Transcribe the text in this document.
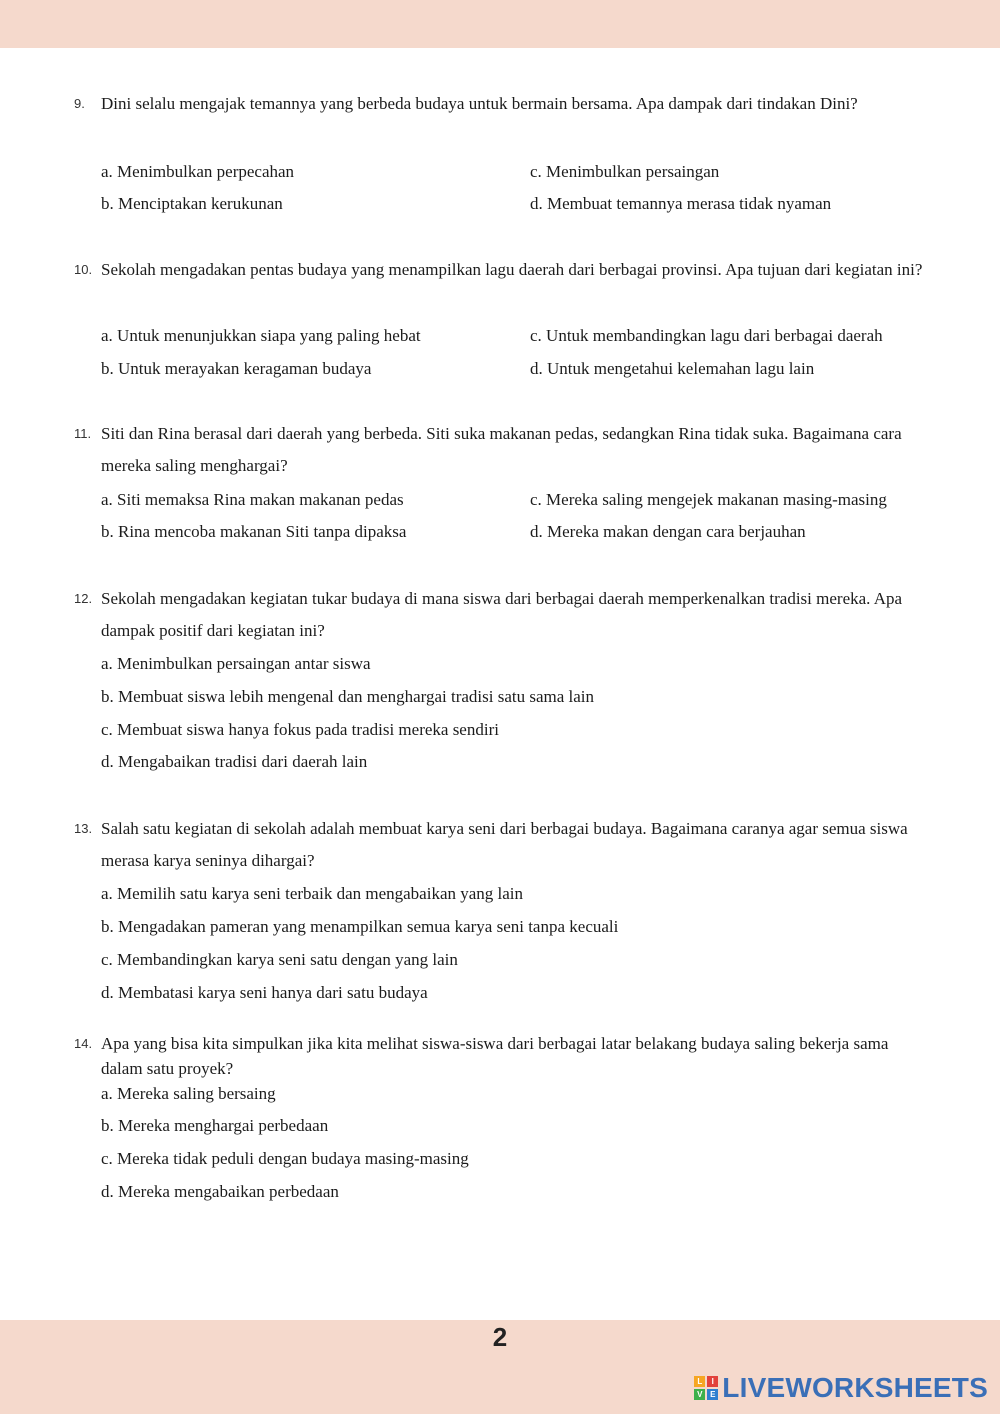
9. Dini selalu mengajak temannya yang berbeda budaya untuk bermain bersama. Apa dampak dari tindakan Dini?
a. Menimbulkan perpecahan	c. Menimbulkan persaingan
b. Menciptakan kerukunan	d. Membuat temannya merasa tidak nyaman
10. Sekolah mengadakan pentas budaya yang menampilkan lagu daerah dari berbagai provinsi. Apa tujuan dari kegiatan ini?
a. Untuk menunjukkan siapa yang paling hebat	c. Untuk membandingkan lagu dari berbagai daerah
b. Untuk merayakan keragaman budaya	d. Untuk mengetahui kelemahan lagu lain
11. Siti dan Rina berasal dari daerah yang berbeda. Siti suka makanan pedas, sedangkan Rina tidak suka. Bagaimana cara mereka saling menghargai?
a. Siti memaksa Rina makan makanan pedas	c. Mereka saling mengejek makanan masing-masing
b. Rina mencoba makanan Siti tanpa dipaksa	d. Mereka makan dengan cara berjauhan
12. Sekolah mengadakan kegiatan tukar budaya di mana siswa dari berbagai daerah memperkenalkan tradisi mereka. Apa dampak positif dari kegiatan ini?
a. Menimbulkan persaingan antar siswa
b. Membuat siswa lebih mengenal dan menghargai tradisi satu sama lain
c. Membuat siswa hanya fokus pada tradisi mereka sendiri
d. Mengabaikan tradisi dari daerah lain
13. Salah satu kegiatan di sekolah adalah membuat karya seni dari berbagai budaya. Bagaimana caranya agar semua siswa merasa karya seninya dihargai?
a. Memilih satu karya seni terbaik dan mengabaikan yang lain
b. Mengadakan pameran yang menampilkan semua karya seni tanpa kecuali
c. Membandingkan karya seni satu dengan yang lain
d. Membatasi karya seni hanya dari satu budaya
14. Apa yang bisa kita simpulkan jika kita melihat siswa-siswa dari berbagai latar belakang budaya saling bekerja sama dalam satu proyek?
a. Mereka saling bersaing
b. Mereka menghargai perbedaan
c. Mereka tidak peduli dengan budaya masing-masing
d. Mereka mengabaikan perbedaan
2
L	I
V E LIVEWORKSHEETS
